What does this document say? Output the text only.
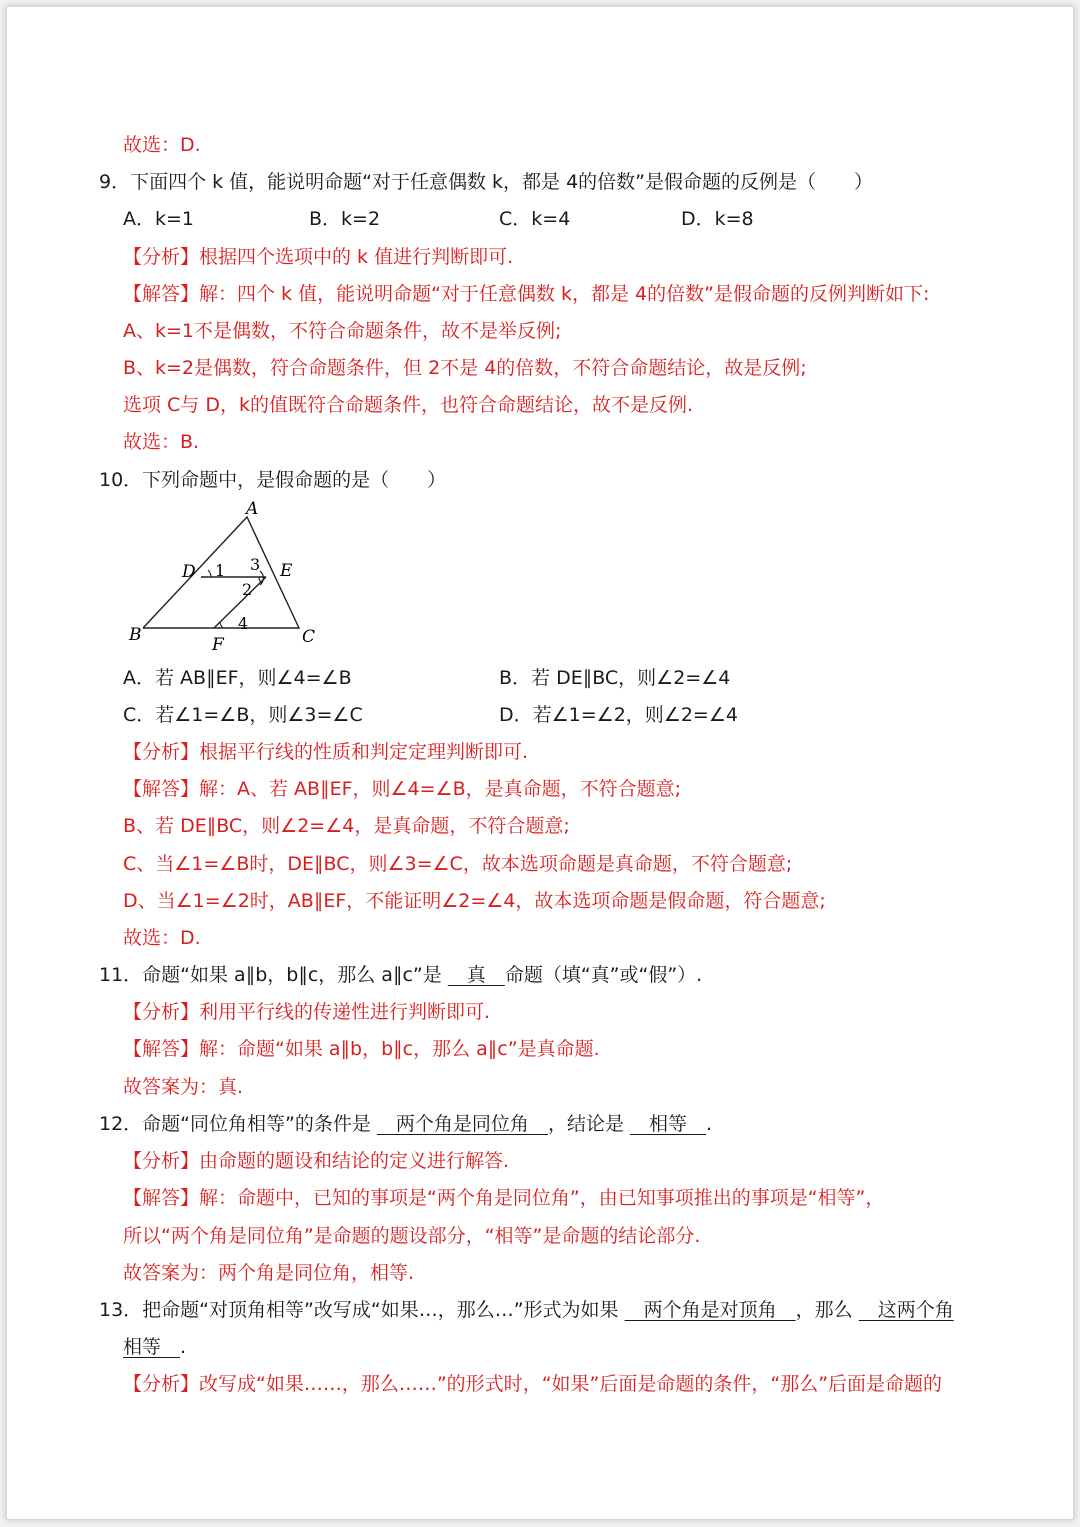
故选：D.
9．下面四个 k 值，能说明命题“对于任意偶数 k，都是 4的倍数”是假命题的反例是（　　）
A．k=1	B．k=2	C．k=4	D．k=8
【分析】根据四个选项中的 k 值进行判断即可.
【解答】解：四个 k 值，能说明命题“对于任意偶数 k，都是 4的倍数”是假命题的反例判断如下:
A、k=1不是偶数，不符合命题条件，故不是举反例;
B、k=2是偶数，符合命题条件，但 2不是 4的倍数，不符合命题结论，故是反例;
选项 C与 D，k的值既符合命题条件，也符合命题结论，故不是反例.
故选：B.
10．下列命题中，是假命题的是（　　）
A
D	E
B	F	C
1
2
3
4
A．若 AB∥EF，则∠4=∠B	B．若 DE∥BC，则∠2=∠4
C．若∠1=∠B，则∠3=∠C	D．若∠1=∠2，则∠2=∠4
【分析】根据平行线的性质和判定定理判断即可.
【解答】解：A、若 AB∥EF，则∠4=∠B，是真命题，不符合题意;
B、若 DE∥BC，则∠2=∠4，是真命题，不符合题意;
C、当∠1=∠B时，DE∥BC，则∠3=∠C，故本选项命题是真命题，不符合题意;
D、当∠1=∠2时，AB∥EF，不能证明∠2=∠4，故本选项命题是假命题，符合题意;
故选：D.
11．命题“如果 a∥b，b∥c，那么 a∥c”是 　真　命题（填“真”或“假”）.
【分析】利用平行线的传递性进行判断即可.
【解答】解：命题“如果 a∥b，b∥c，那么 a∥c”是真命题.
故答案为：真.
12．命题“同位角相等”的条件是 　两个角是同位角　，结论是 　相等　.
【分析】由命题的题设和结论的定义进行解答.
【解答】解：命题中，已知的事项是“两个角是同位角”，由已知事项推出的事项是“相等”，
所以“两个角是同位角”是命题的题设部分，“相等”是命题的结论部分.
故答案为：两个角是同位角，相等.
13．把命题“对顶角相等”改写成“如果…，那么…”形式为如果 　两个角是对顶角　，那么 　这两个角
相等　.
【分析】改写成“如果……，那么……”的形式时，“如果”后面是命题的条件，“那么”后面是命题的
